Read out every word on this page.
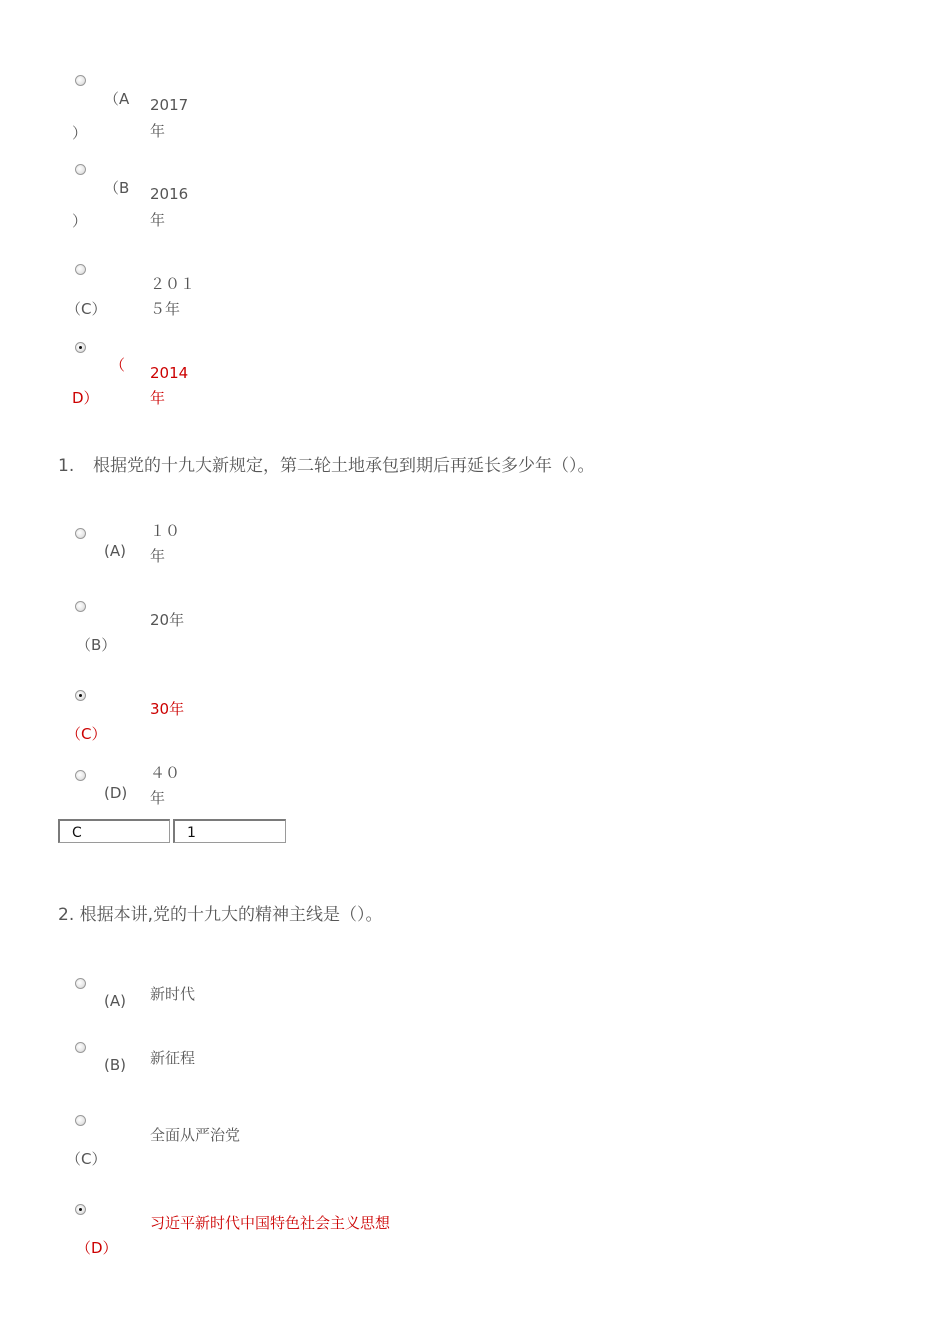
（A
）
2017
年
（B
）
2016
年
（C）
２０１
５年
（
D）
2014
年
1. 根据党的十九大新规定，第二轮土地承包到期后再延长多少年（）。
(A)
１０
年
（B）
20年
（C）
30年
(D)
４０
年
C	1
2. 根据本讲,党的十九大的精神主线是（）。
(A) 新时代
(B) 新征程
（C）
全面从严治党
（D）
习近平新时代中国特色社会主义思想
